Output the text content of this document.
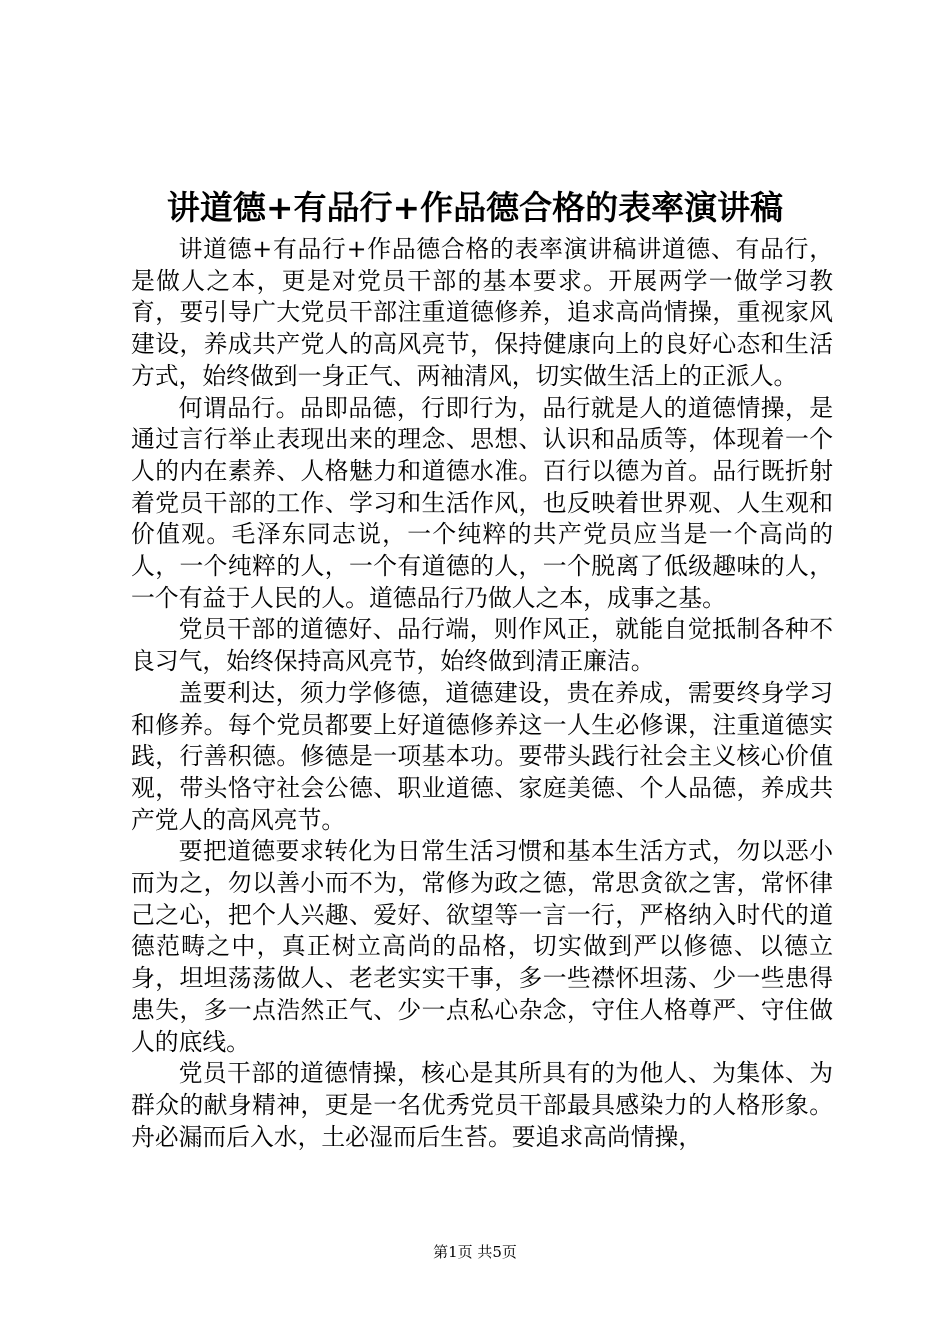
讲道德+有品行+作品德合格的表率演讲稿

讲道德+有品行+作品德合格的表率演讲稿讲道德、有品行，是做人之本，更是对党员干部的基本要求。开展两学一做学习教育，要引导广大党员干部注重道德修养，追求高尚情操，重视家风建设，养成共产党人的高风亮节，保持健康向上的良好心态和生活方式，始终做到一身正气、两袖清风，切实做生活上的正派人。

何谓品行。品即品德，行即行为，品行就是人的道德情操，是通过言行举止表现出来的理念、思想、认识和品质等，体现着一个人的内在素养、人格魅力和道德水准。百行以德为首。品行既折射着党员干部的工作、学习和生活作风，也反映着世界观、人生观和价值观。毛泽东同志说，一个纯粹的共产党员应当是一个高尚的人，一个纯粹的人，一个有道德的人，一个脱离了低级趣味的人，一个有益于人民的人。道德品行乃做人之本，成事之基。

党员干部的道德好、品行端，则作风正，就能自觉抵制各种不良习气，始终保持高风亮节，始终做到清正廉洁。

盖要利达，须力学修德，道德建设，贵在养成，需要终身学习和修养。每个党员都要上好道德修养这一人生必修课，注重道德实践，行善积德。修德是一项基本功。要带头践行社会主义核心价值观，带头恪守社会公德、职业道德、家庭美德、个人品德，养成共产党人的高风亮节。

要把道德要求转化为日常生活习惯和基本生活方式，勿以恶小而为之，勿以善小而不为，常修为政之德，常思贪欲之害，常怀律己之心，把个人兴趣、爱好、欲望等一言一行，严格纳入时代的道德范畴之中，真正树立高尚的品格，切实做到严以修德、以德立身，坦坦荡荡做人、老老实实干事，多一些襟怀坦荡、少一些患得患失，多一点浩然正气、少一点私心杂念，守住人格尊严、守住做人的底线。

党员干部的道德情操，核心是其所具有的为他人、为集体、为群众的献身精神，更是一名优秀党员干部最具感染力的人格形象。舟必漏而后入水，土必湿而后生苔。要追求高尚情操，

第1页 共5页
